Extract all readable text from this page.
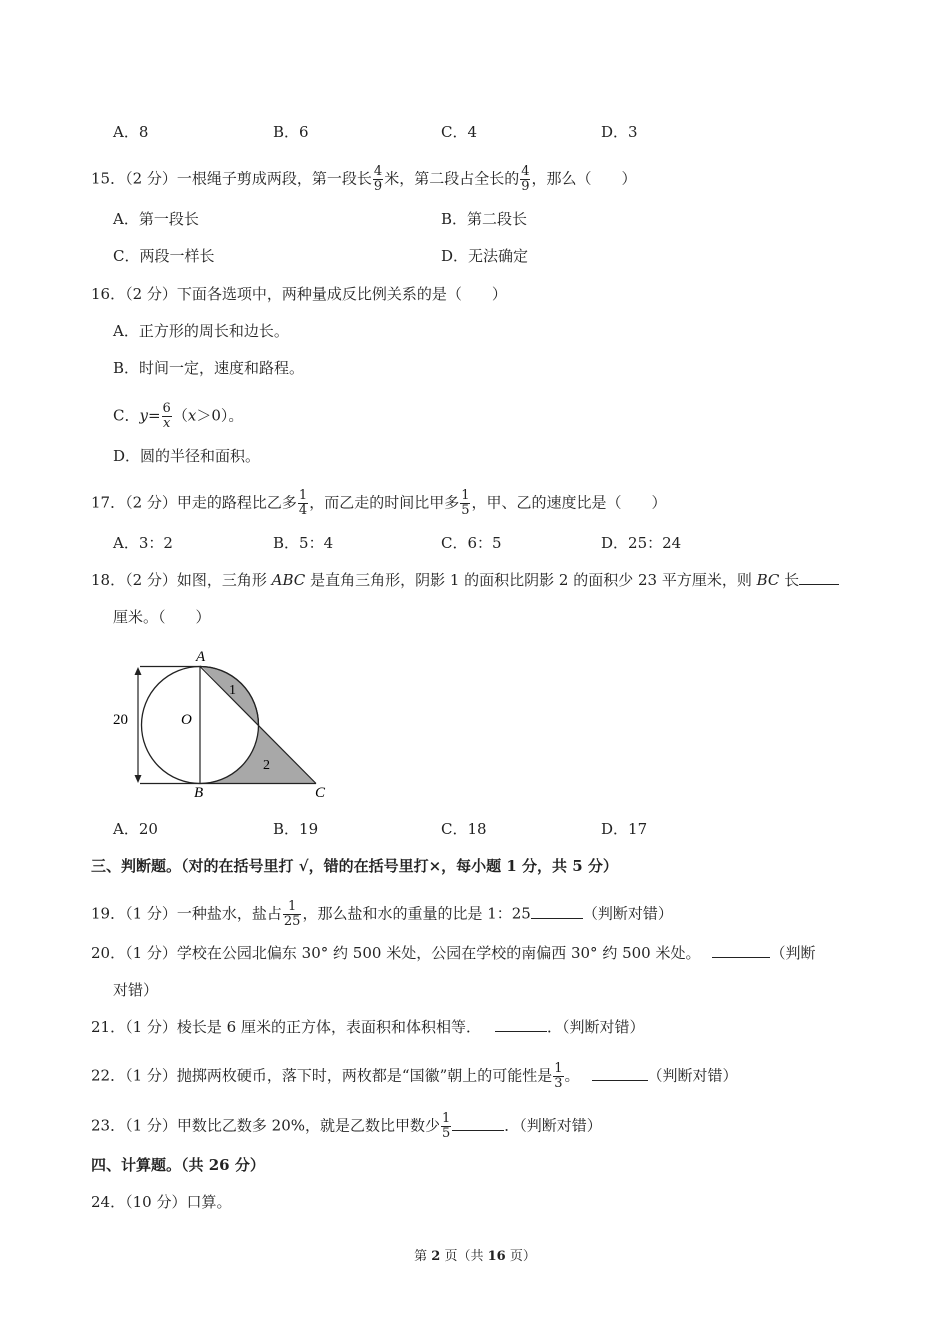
A．8	B．6	C．4	D．3
15．（2 分）一根绳子剪成两段，第一段长 $\frac{4}{9}$ 米，第二段占全长的 $\frac{4}{9}$ ，那么（　　）
A．第一段长	B．第二段长
C．两段一样长	D．无法确定
16．（2 分）下面各选项中，两种量成反比例关系的是（　　）
A．正方形的周长和边长。
B．时间一定，速度和路程。
C．$y= \frac{6}{x} (x>0)$。
D．圆的半径和面积。
17．（2 分）甲走的路程比乙多 $\frac{1}{4}$ ，而乙走的时间比甲多 $\frac{1}{5}$ ，甲、乙的速度比是（　　）
A．3：2	B．5：4	C．6：5	D．25：24
18．（2 分）如图，三角形 ABC 是直角三角形，阴影 1 的面积比阴影 2 的面积少 23 平方厘米，则 BC 长
厘米。（　　）
A
B	C
O
20
1
2
A．20	B．19	C．18	D．17
三、判断题。（对的在括号里打 √，错的在括号里打×，每小题 1 分，共 5 分）
19．（1 分）一种盐水，盐占 $\frac{1}{25}$ ，那么盐和水的重量的比是 1：25	（判断对错）
20．（1 分）学校在公园北偏东 30° 约 500 米处，公园在学校的南偏西 30° 约 500 米处。	（判断
对错）
21．（1 分）棱长是 6 厘米的正方体，表面积和体积相等．	．（判断对错）
22．（1 分）抛掷两枚硬币，落下时，两枚都是“国徽”朝上的可能性是 $\frac{1}{3}$ 。	（判断对错）
23．（1 分）甲数比乙数多 20%，就是乙数比甲数少 $\frac{1}{5}$	．（判断对错）
四、计算题。（共 26 分）
24．（10 分）口算。
第 2 页（共 16 页）
